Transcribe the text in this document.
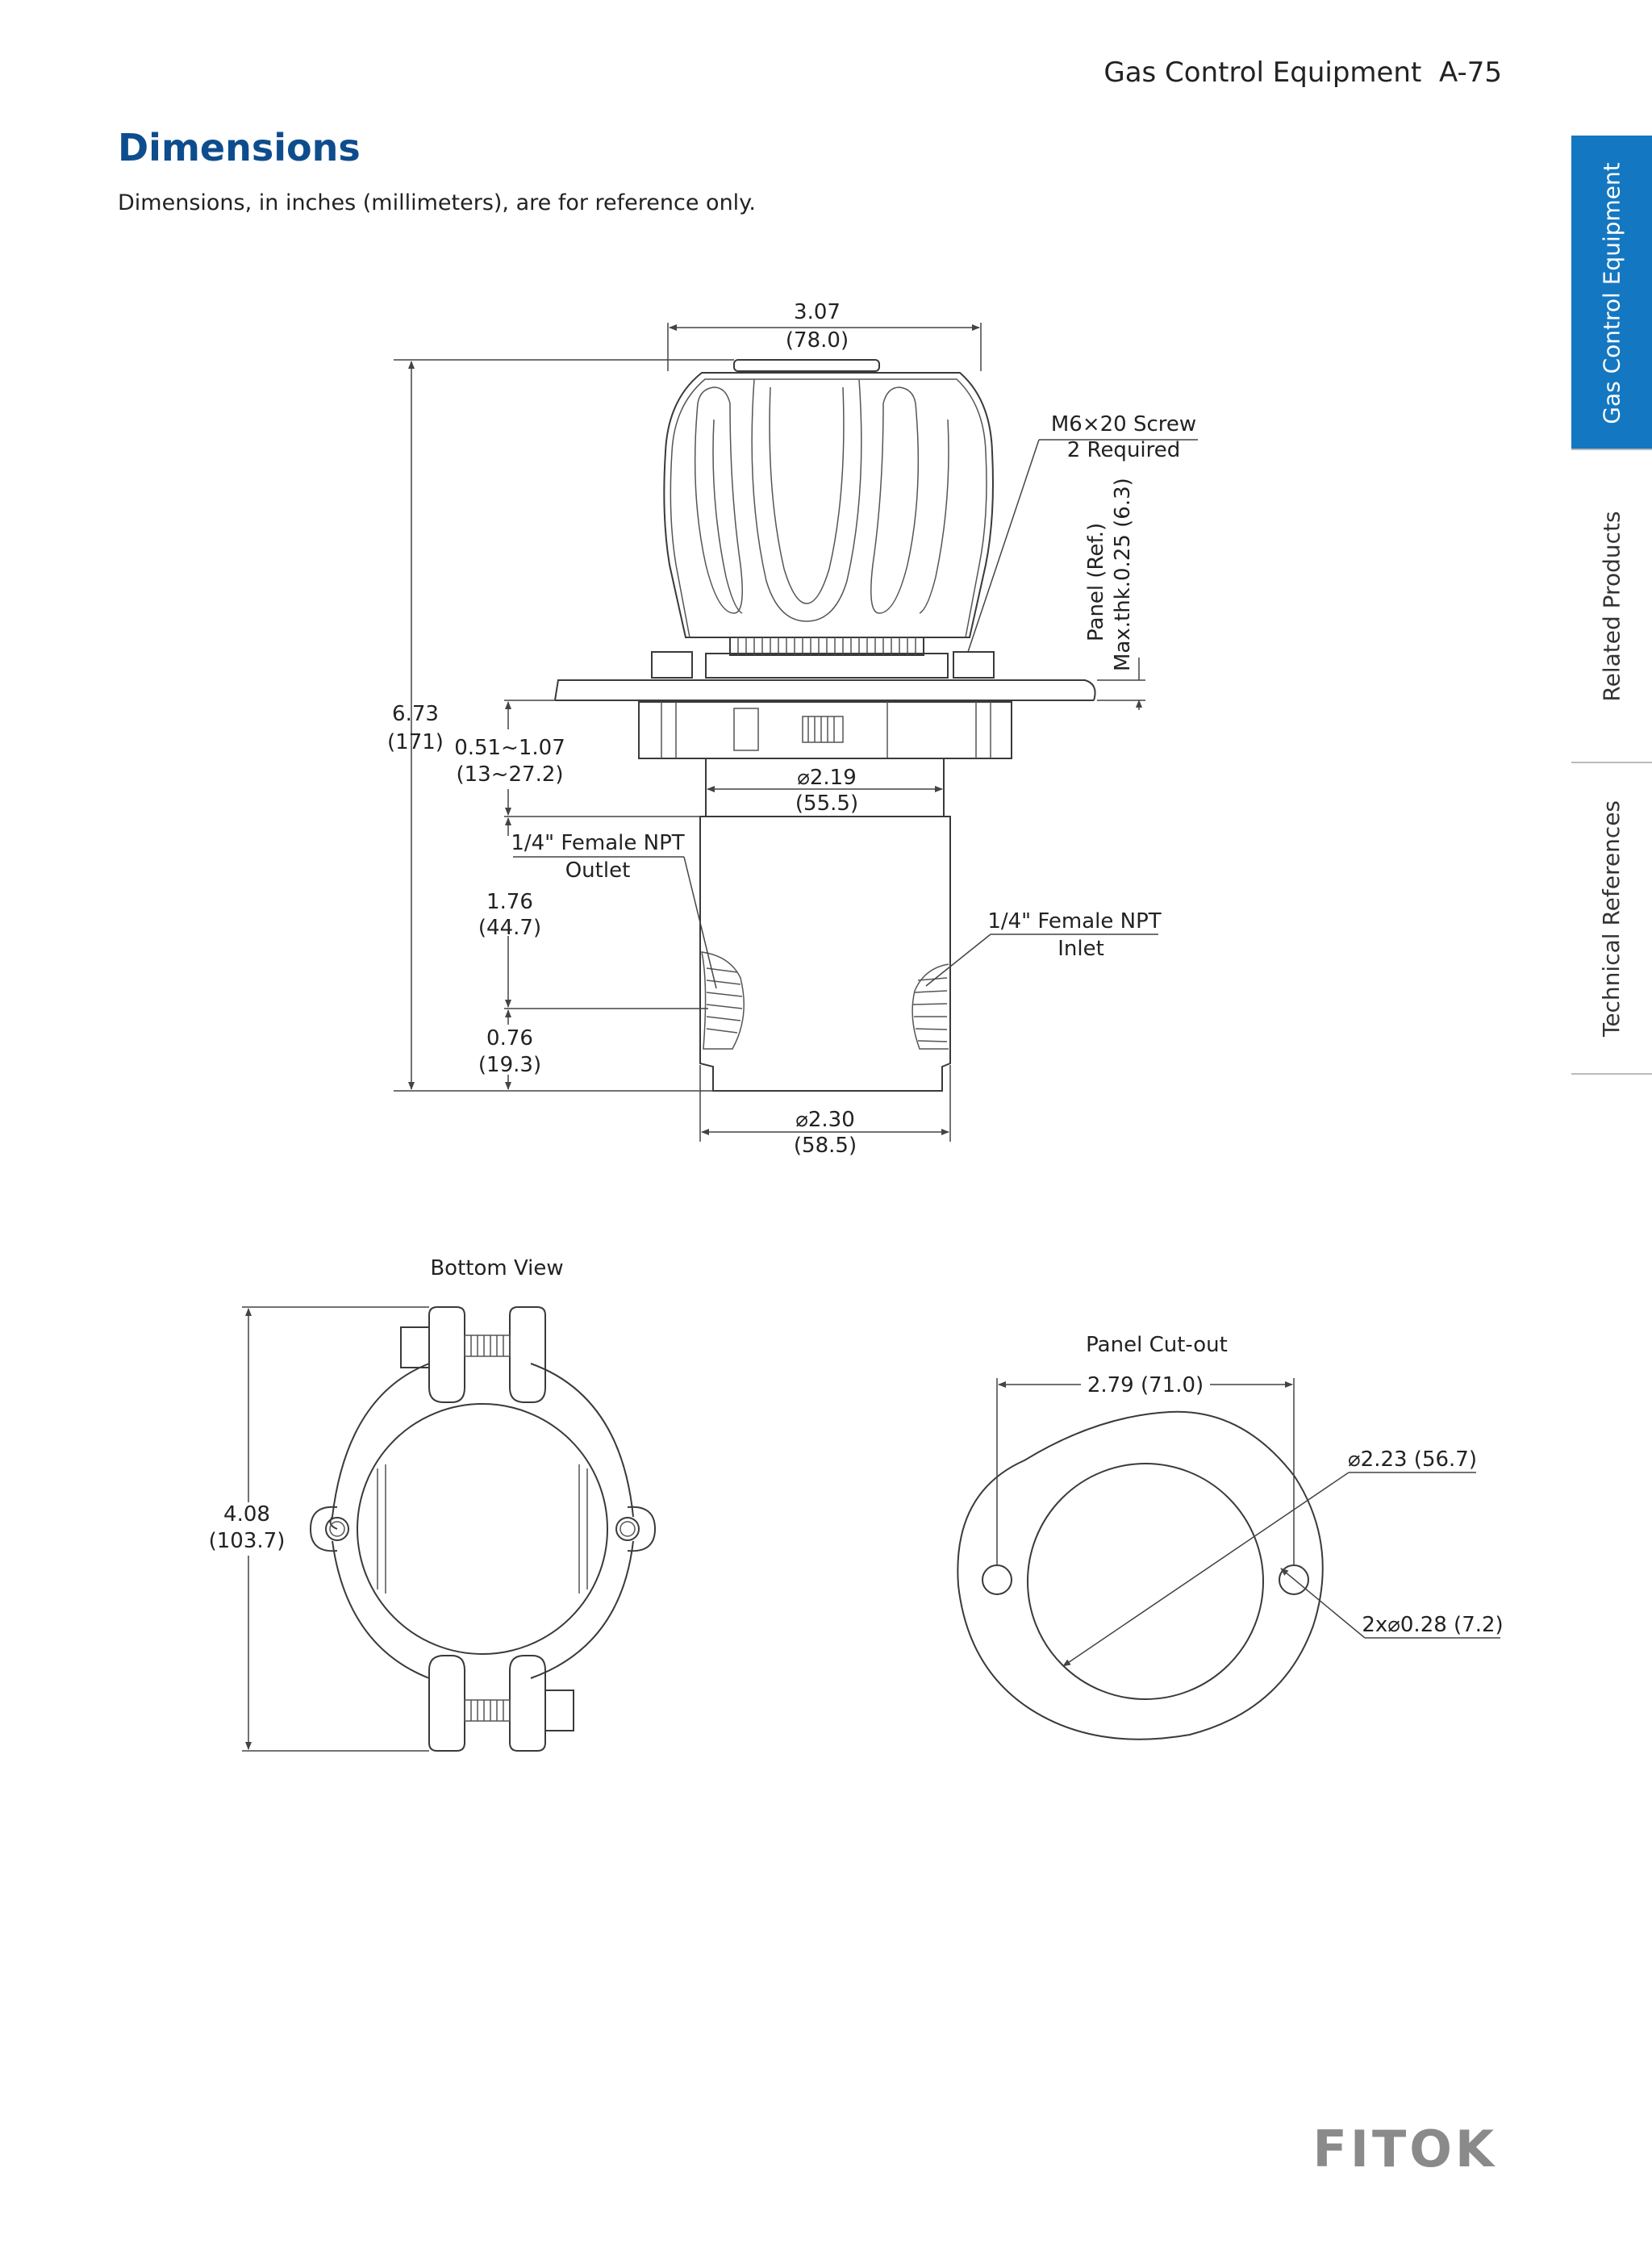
Gas Control Equipment A-75
Dimensions
Dimensions, in inches (millimeters), are for reference only.	Gas Control Equipment
Related Products
Technical References
3.07
(78.0)
6.73
(171) 0.51~1.07
(13~27.2)	⌀2.19
(55.5)
1.76
(44.7)
0.76
(19.3)
⌀2.30
(58.5)
M6×20 Screw
2 Required
Panel (Ref.) Max.thk.0.25 (6.3)
1/4" Female NPT
Outlet
1/4" Female NPT
Inlet
Bottom View
4.08
(103.7)
Panel Cut-out
2.79 (71.0)
⌀2.23 (56.7)
2x⌀0.28 (7.2)
FITOK
